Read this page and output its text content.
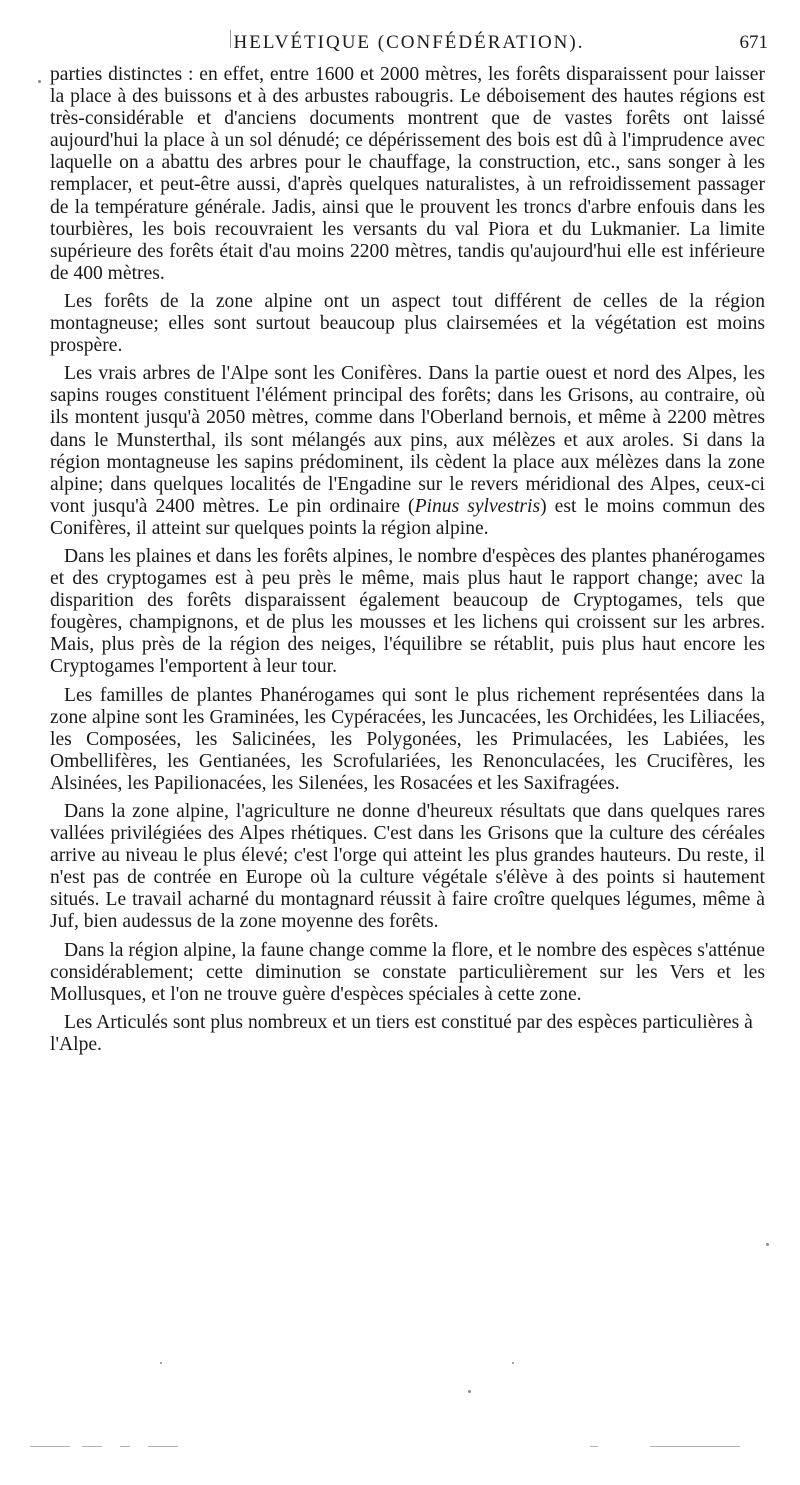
HELVÉTIQUE (CONFÉDÉRATION).	671

parties distinctes : en effet, entre 1600 et 2000 mètres, les forêts disparaissent pour laisser la place à des buissons et à des arbustes rabougris. Le déboisement des hautes régions est très-considérable et d'anciens documents montrent que de vastes forêts ont laissé aujourd'hui la place à un sol dénudé; ce dépérissement des bois est dû à l'imprudence avec laquelle on a abattu des arbres pour le chauffage, la construction, etc., sans songer à les remplacer, et peut-être aussi, d'après quelques naturalistes, à un refroidissement passager de la température générale. Jadis, ainsi que le prouvent les troncs d'arbre enfouis dans les tourbières, les bois recouvraient les versants du val Piora et du Lukmanier. La limite supérieure des forêts était d'au moins 2200 mètres, tandis qu'aujourd'hui elle est inférieure de 400 mètres.

Les forêts de la zone alpine ont un aspect tout différent de celles de la région montagneuse; elles sont surtout beaucoup plus clairsemées et la végétation est moins prospère.

Les vrais arbres de l'Alpe sont les Conifères. Dans la partie ouest et nord des Alpes, les sapins rouges constituent l'élément principal des forêts; dans les Grisons, au contraire, où ils montent jusqu'à 2050 mètres, comme dans l'Oberland bernois, et même à 2200 mètres dans le Munsterthal, ils sont mélangés aux pins, aux mélèzes et aux aroles. Si dans la région montagneuse les sapins prédominent, ils cèdent la place aux mélèzes dans la zone alpine; dans quelques localités de l'Engadine sur le revers méridional des Alpes, ceux-ci vont jusqu'à 2400 mètres. Le pin ordinaire (Pinus sylvestris) est le moins commun des Conifères, il atteint sur quelques points la région alpine.

Dans les plaines et dans les forêts alpines, le nombre d'espèces des plantes phanérogames et des cryptogames est à peu près le même, mais plus haut le rapport change; avec la disparition des forêts disparaissent également beaucoup de Cryptogames, tels que fougères, champignons, et de plus les mousses et les lichens qui croissent sur les arbres. Mais, plus près de la région des neiges, l'équilibre se rétablit, puis plus haut encore les Cryptogames l'emportent à leur tour.

Les familles de plantes Phanérogames qui sont le plus richement représentées dans la zone alpine sont les Graminées, les Cypéracées, les Juncacées, les Orchidées, les Liliacées, les Composées, les Salicinées, les Polygonées, les Primulacées, les Labiées, les Ombellifères, les Gentianées, les Scrofulariées, les Renonculacées, les Crucifères, les Alsinées, les Papilionacées, les Silenées, les Rosacées et les Saxifragées.

Dans la zone alpine, l'agriculture ne donne d'heureux résultats que dans quelques rares vallées privilégiées des Alpes rhétiques. C'est dans les Grisons que la culture des céréales arrive au niveau le plus élevé; c'est l'orge qui atteint les plus grandes hauteurs. Du reste, il n'est pas de contrée en Europe où la culture végétale s'élève à des points si hautement situés. Le travail acharné du montagnard réussit à faire croître quelques légumes, même à Juf, bien audessus de la zone moyenne des forêts.

Dans la région alpine, la faune change comme la flore, et le nombre des espèces s'atténue considérablement; cette diminution se constate particulièrement sur les Vers et les Mollusques, et l'on ne trouve guère d'espèces spéciales à cette zone.

Les Articulés sont plus nombreux et un tiers est constitué par des espèces particulières à l'Alpe.
